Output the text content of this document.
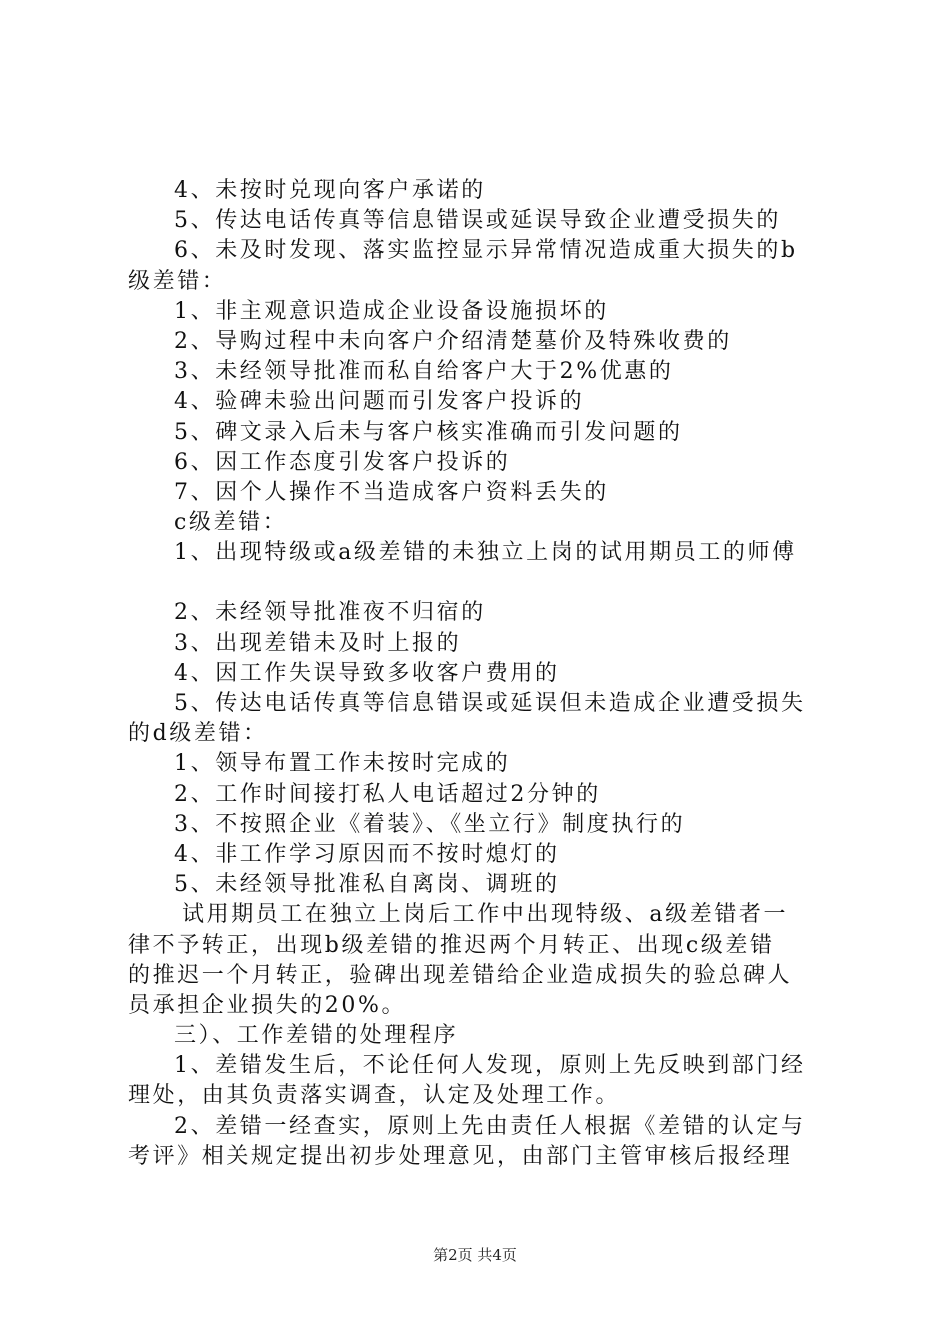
4、未按时兑现向客户承诺的
5、传达电话传真等信息错误或延误导致企业遭受损失的
6、未及时发现、落实监控显示异常情况造成重大损失的b
级差错：
1、非主观意识造成企业设备设施损坏的
2、导购过程中未向客户介绍清楚墓价及特殊收费的
3、未经领导批准而私自给客户大于2%优惠的
4、验碑未验出问题而引发客户投诉的
5、碑文录入后未与客户核实准确而引发问题的
6、因工作态度引发客户投诉的
7、因个人操作不当造成客户资料丢失的
c级差错：
1、出现特级或a级差错的未独立上岗的试用期员工的师傅
2、未经领导批准夜不归宿的
3、出现差错未及时上报的
4、因工作失误导致多收客户费用的
5、传达电话传真等信息错误或延误但未造成企业遭受损失
的d级差错：
1、领导布置工作未按时完成的
2、工作时间接打私人电话超过2分钟的
3、不按照企业《着装》、《坐立行》制度执行的
4、非工作学习原因而不按时熄灯的
5、未经领导批准私自离岗、调班的
试用期员工在独立上岗后工作中出现特级、a级差错者一
律不予转正，出现b级差错的推迟两个月转正、出现c级差错
的推迟一个月转正，验碑出现差错给企业造成损失的验总碑人
员承担企业损失的20%。
三）、工作差错的处理程序
1、差错发生后，不论任何人发现，原则上先反映到部门经
理处，由其负责落实调查，认定及处理工作。
2、差错一经查实，原则上先由责任人根据《差错的认定与
考评》相关规定提出初步处理意见，由部门主管审核后报经理
第2页 共4页
